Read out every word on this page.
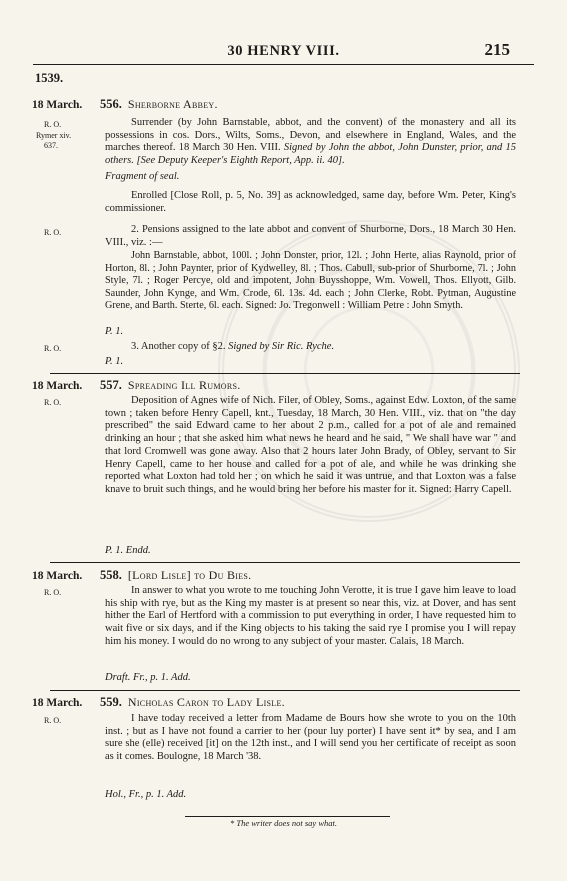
30 HENRY VIII.	215
1539.
18 March. 556. Sherborne Abbey.
R. O.
Rymer xiv.
637.
Surrender (by John Barnstable, abbot, and the convent) of the monastery and all its possessions in cos. Dors., Wilts, Soms., Devon, and elsewhere in England, Wales, and the marches thereof. 18 March 30 Hen. VIII. Signed by John the abbot, John Dunster, prior, and 15 others. [See Deputy Keeper's Eighth Report, App. ii. 40].
Fragment of seal.
Enrolled [Close Roll, p. 5, No. 39] as acknowledged, same day, before Wm. Peter, King's commissioner.
R. O.	2. Pensions assigned to the late abbot and convent of Shurborne, Dors., 18 March 30 Hen. VIII., viz. :—
John Barnstable, abbot, 100l. ; John Donster, prior, 12l. ; John Herte, alias Raynold, prior of Horton, 8l. ; John Paynter, prior of Kydwelley, 8l. ; Thos. Cabull, sub-prior of Shurborne, 7l. ; John Style, 7l. ; Roger Percye, old and impotent, John Buysshoppe, Wm. Vowell, Thos. Ellyott, Gilb. Saunder, John Kynge, and Wm. Crode, 6l. 13s. 4d. each ; John Clerke, Robt. Pytman, Augustine Grene, and Barth. Sterte, 6l. each. Signed: Jo. Tregonwell : William Petre : John Smyth.
P. 1.
R. O.	3. Another copy of §2. Signed by Sir Ric. Ryche.
P. 1.
18 March. 557. Spreading Ill Rumors.
R. O.	Deposition of Agnes wife of Nich. Filer, of Obley, Soms., against Edw. Loxton, of the same town ; taken before Henry Capell, knt., Tuesday, 18 March, 30 Hen. VIII., viz. that on "the day prescribed" the said Edward came to her about 2 p.m., called for a pot of ale and remained drinking an hour ; that she asked him what news he heard and he said, " We shall have war " and that lord Cromwell was gone away. Also that 2 hours later John Brady, of Obley, servant to Sir Henry Capell, came to her house and called for a pot of ale, and while he was drinking she reported what Loxton had told her ; on which he said it was untrue, and that Loxton was a false knave to bruit such things, and he would bring her before his master for it. Signed: Harry Capell.
P. 1. Endd.
18 March. 558. [Lord Lisle] to Du Bies.
R. O.	In answer to what you wrote to me touching John Verotte, it is true I gave him leave to load his ship with rye, but as the King my master is at present so near this, viz. at Dover, and has sent hither the Earl of Hertford with a commission to put everything in order, I have requested him to wait five or six days, and if the King objects to his taking the said rye I promise you I will repay him his money. I would do no wrong to any subject of your master. Calais, 18 March.
Draft. Fr., p. 1. Add.
18 March. 559. Nicholas Caron to Lady Lisle.
R. O.	I have today received a letter from Madame de Bours how she wrote to you on the 10th inst. ; but as I have not found a carrier to her (pour luy porter) I have sent it* by sea, and I am sure she (elle) received [it] on the 12th inst., and I will send you her certificate of receipt as soon as it comes. Boulogne, 18 March '38.
Hol., Fr., p. 1. Add.
* The writer does not say what.
